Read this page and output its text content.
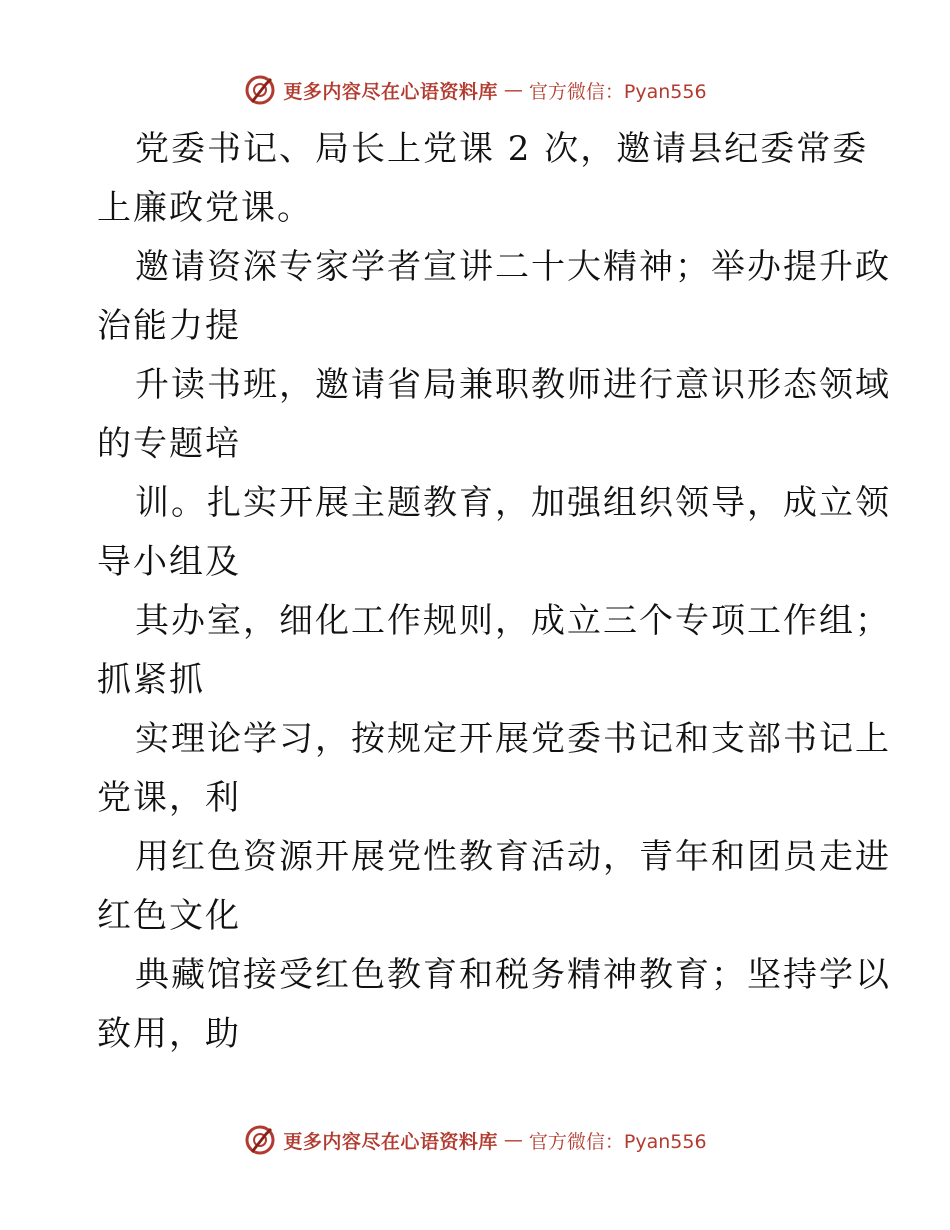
更多内容尽在心语资料库 — 官方微信：Pyan556
党委书记、局长上党课 2 次，邀请县纪委常委
上廉政党课。
邀请资深专家学者宣讲二十大精神；举办提升政
治能力提
升读书班，邀请省局兼职教师进行意识形态领域
的专题培
训。扎实开展主题教育，加强组织领导，成立领
导小组及
其办室，细化工作规则，成立三个专项工作组；
抓紧抓
实理论学习，按规定开展党委书记和支部书记上
党课，利
用红色资源开展党性教育活动，青年和团员走进
红色文化
典藏馆接受红色教育和税务精神教育；坚持学以
致用，助
更多内容尽在心语资料库 — 官方微信：Pyan556
